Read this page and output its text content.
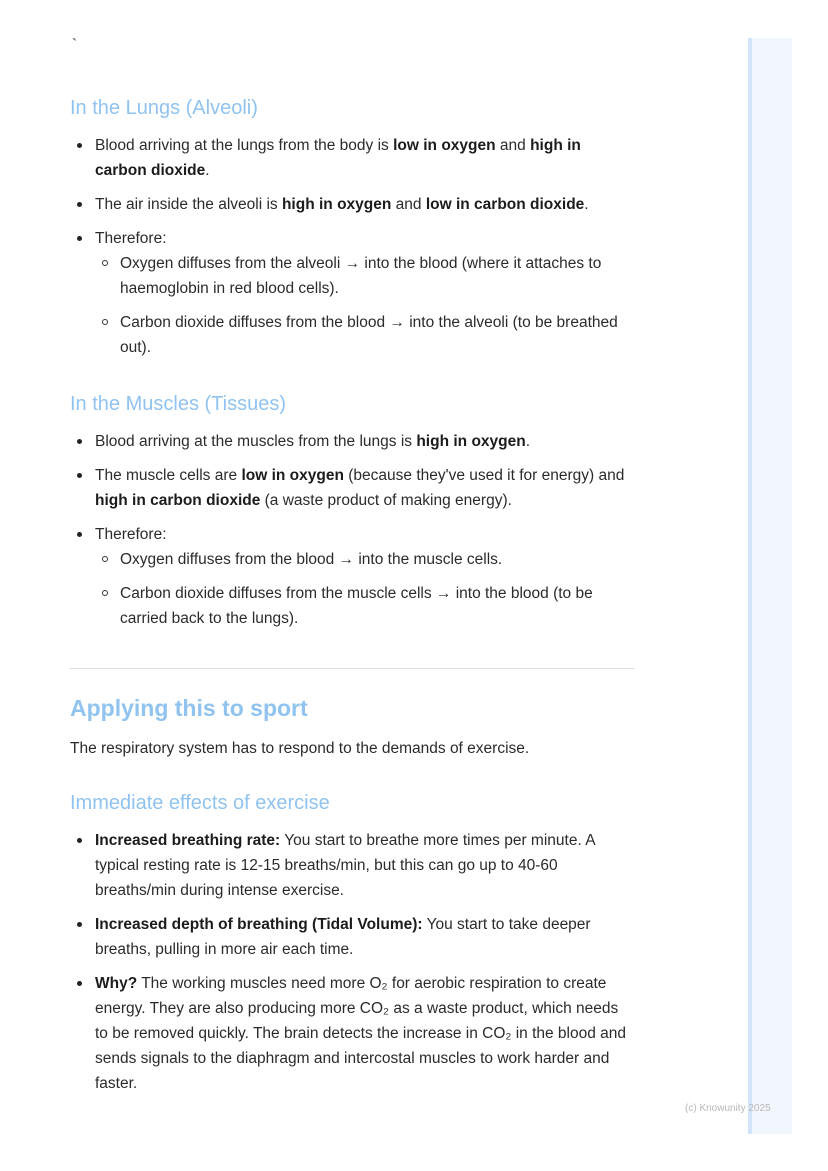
`
In the Lungs (Alveoli)
Blood arriving at the lungs from the body is low in oxygen and high in carbon dioxide.
The air inside the alveoli is high in oxygen and low in carbon dioxide.
Therefore:
Oxygen diffuses from the alveoli → into the blood (where it attaches to haemoglobin in red blood cells).
Carbon dioxide diffuses from the blood → into the alveoli (to be breathed out).
In the Muscles (Tissues)
Blood arriving at the muscles from the lungs is high in oxygen.
The muscle cells are low in oxygen (because they've used it for energy) and high in carbon dioxide (a waste product of making energy).
Therefore:
Oxygen diffuses from the blood → into the muscle cells.
Carbon dioxide diffuses from the muscle cells → into the blood (to be carried back to the lungs).
Applying this to sport

The respiratory system has to respond to the demands of exercise.

Immediate effects of exercise
Increased breathing rate: You start to breathe more times per minute. A typical resting rate is 12-15 breaths/min, but this can go up to 40-60 breaths/min during intense exercise.
Increased depth of breathing (Tidal Volume): You start to take deeper breaths, pulling in more air each time.
Why? The working muscles need more O₂ for aerobic respiration to create energy. They are also producing more CO₂ as a waste product, which needs to be removed quickly. The brain detects the increase in CO₂ in the blood and sends signals to the diaphragm and intercostal muscles to work harder and faster.
(c) Knowunity 2025
